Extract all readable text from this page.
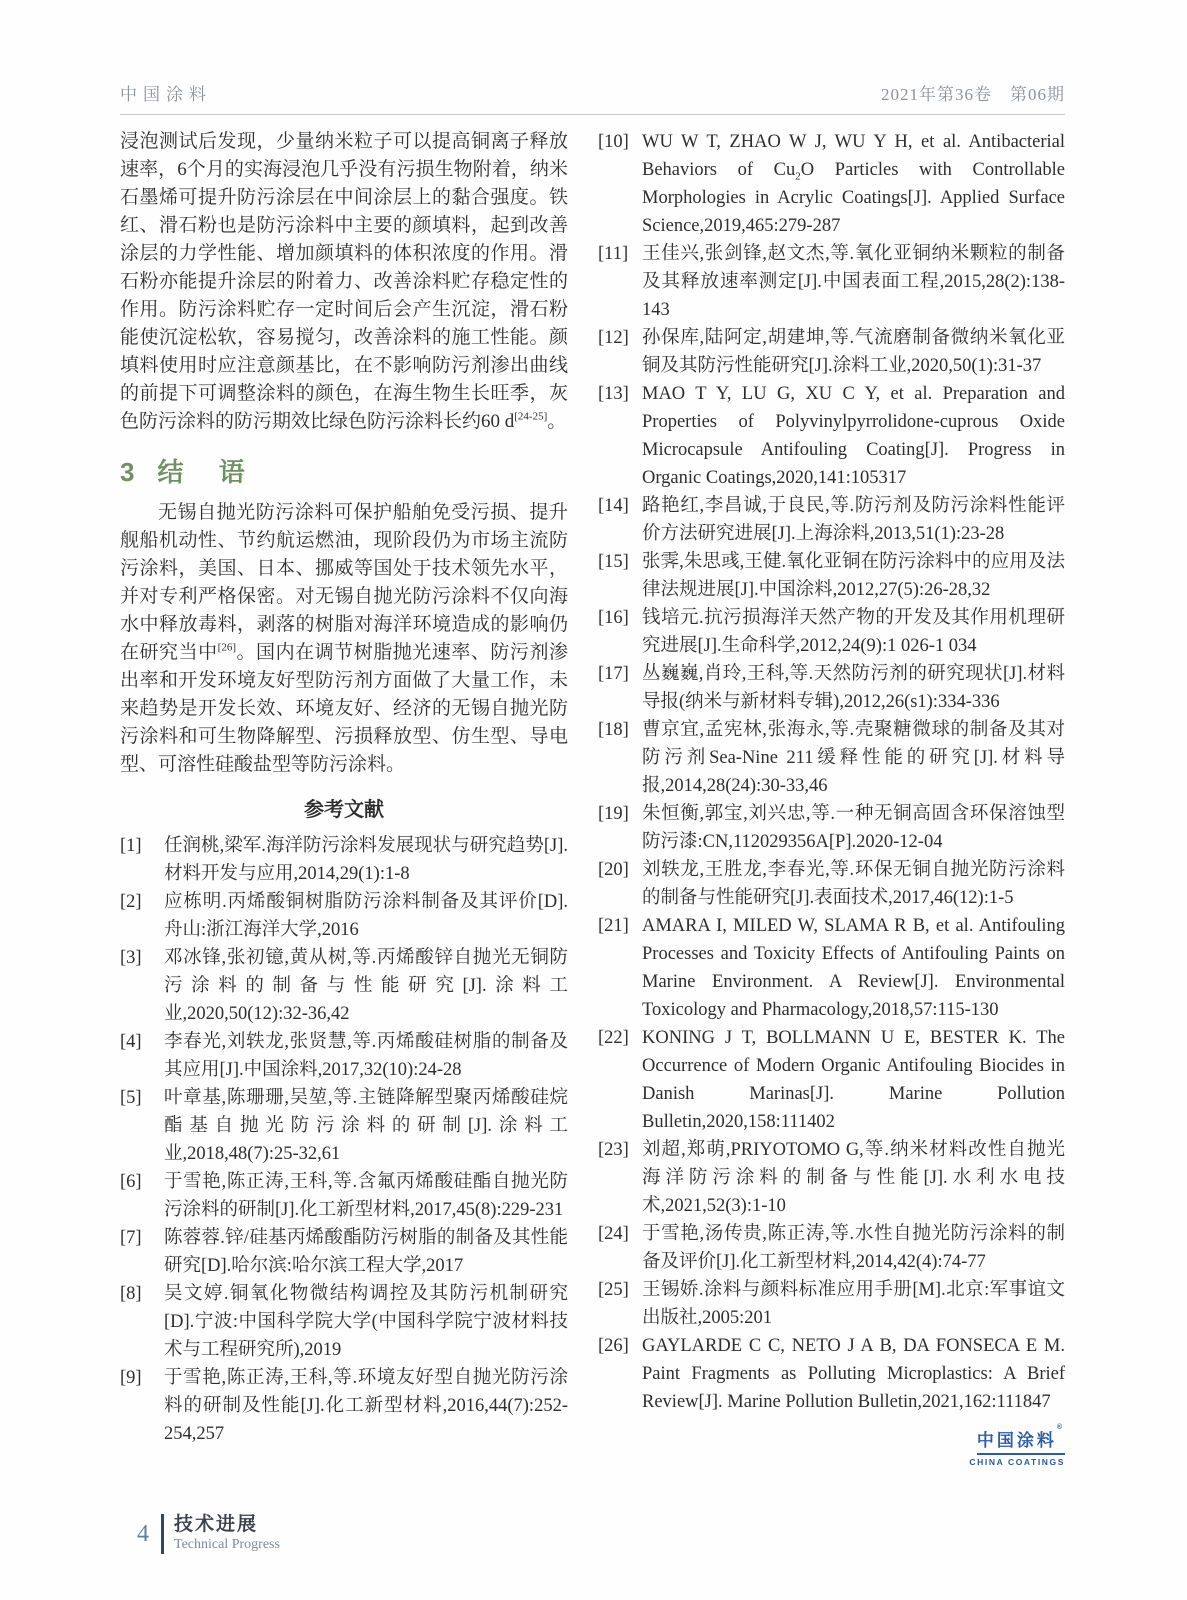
中国涂料	2021年第36卷　第06期

浸泡测试后发现，少量纳米粒子可以提高铜离子释放速率，6个月的实海浸泡几乎没有污损生物附着，纳米石墨烯可提升防污涂层在中间涂层上的黏合强度。铁红、滑石粉也是防污涂料中主要的颜填料，起到改善涂层的力学性能、增加颜填料的体积浓度的作用。滑石粉亦能提升涂层的附着力、改善涂料贮存稳定性的作用。防污涂料贮存一定时间后会产生沉淀，滑石粉能使沉淀松软，容易搅匀，改善涂料的施工性能。颜填料使用时应注意颜基比，在不影响防污剂渗出曲线的前提下可调整涂料的颜色，在海生物生长旺季，灰色防污涂料的防污期效比绿色防污涂料长约60 d[24-25]。

3 结 语

无锡自抛光防污涂料可保护船舶免受污损、提升舰船机动性、节约航运燃油，现阶段仍为市场主流防污涂料，美国、日本、挪威等国处于技术领先水平，并对专利严格保密。对无锡自抛光防污涂料不仅向海水中释放毒料，剥落的树脂对海洋环境造成的影响仍在研究当中[26]。国内在调节树脂抛光速率、防污剂渗出率和开发环境友好型防污剂方面做了大量工作，未来趋势是开发长效、环境友好、经济的无锡自抛光防污涂料和可生物降解型、污损释放型、仿生型、导电型、可溶性硅酸盐型等防污涂料。

参考文献
[1] 任润桃,梁军.海洋防污涂料发展现状与研究趋势[J].材料开发与应用,2014,29(1):1-8
[2] 应栋明.丙烯酸铜树脂防污涂料制备及其评价[D].舟山:浙江海洋大学,2016
[3] 邓冰锋,张初镱,黄从树,等.丙烯酸锌自抛光无铜防污涂料的制备与性能研究[J].涂料工业,2020,50(12):32-36,42
[4] 李春光,刘轶龙,张贤慧,等.丙烯酸硅树脂的制备及其应用[J].中国涂料,2017,32(10):24-28
[5] 叶章基,陈珊珊,吴堃,等.主链降解型聚丙烯酸硅烷酯基自抛光防污涂料的研制[J].涂料工业,2018,48(7):25-32,61
[6] 于雪艳,陈正涛,王科,等.含氟丙烯酸硅酯自抛光防污涂料的研制[J].化工新型材料,2017,45(8):229-231
[7] 陈蓉蓉.锌/硅基丙烯酸酯防污树脂的制备及其性能研究[D].哈尔滨:哈尔滨工程大学,2017
[8] 吴文婷.铜氧化物微结构调控及其防污机制研究[D].宁波:中国科学院大学(中国科学院宁波材料技术与工程研究所),2019
[9] 于雪艳,陈正涛,王科,等.环境友好型自抛光防污涂料的研制及性能[J].化工新型材料,2016,44(7):252-254,257
[10] WU W T, ZHAO W J, WU Y H, et al. Antibacterial Behaviors of $Cu_2O$ Particles with Controllable Morphologies in Acrylic Coatings[J]. Applied Surface Science,2019,465:279-287
[11] 王佳兴,张剑锋,赵文杰,等.氧化亚铜纳米颗粒的制备及其释放速率测定[J].中国表面工程,2015,28(2):138-143
[12] 孙保库,陆阿定,胡建坤,等.气流磨制备微纳米氧化亚铜及其防污性能研究[J].涂料工业,2020,50(1):31-37
[13] MAO T Y, LU G, XU C Y, et al. Preparation and Properties of Polyvinylpyrrolidone-cuprous Oxide Microcapsule Antifouling Coating[J]. Progress in Organic Coatings,2020,141:105317
[14] 路艳红,李昌诚,于良民,等.防污剂及防污涂料性能评价方法研究进展[J].上海涂料,2013,51(1):23-28
[15] 张霁,朱思彧,王健.氧化亚铜在防污涂料中的应用及法律法规进展[J].中国涂料,2012,27(5):26-28,32
[16] 钱培元.抗污损海洋天然产物的开发及其作用机理研究进展[J].生命科学,2012,24(9):1 026-1 034
[17] 丛巍巍,肖玲,王科,等.天然防污剂的研究现状[J].材料导报(纳米与新材料专辑),2012,26(s1):334-336
[18] 曹京宜,孟宪林,张海永,等.壳聚糖微球的制备及其对防污剂Sea-Nine 211缓释性能的研究[J].材料导报,2014,28(24):30-33,46
[19] 朱恒衡,郭宝,刘兴忠,等.一种无铜高固含环保溶蚀型防污漆:CN,112029356A[P].2020-12-04
[20] 刘轶龙,王胜龙,李春光,等.环保无铜自抛光防污涂料的制备与性能研究[J].表面技术,2017,46(12):1-5
[21] AMARA I, MILED W, SLAMA R B, et al. Antifouling Processes and Toxicity Effects of Antifouling Paints on Marine Environment. A Review[J]. Environmental Toxicology and Pharmacology,2018,57:115-130
[22] KONING J T, BOLLMANN U E, BESTER K. The Occurrence of Modern Organic Antifouling Biocides in Danish Marinas[J]. Marine Pollution Bulletin,2020,158:111402
[23] 刘超,郑萌,PRIYOTOMO G,等.纳米材料改性自抛光海洋防污涂料的制备与性能[J].水利水电技术,2021,52(3):1-10
[24] 于雪艳,汤传贵,陈正涛,等.水性自抛光防污涂料的制备及评价[J].化工新型材料,2014,42(4):74-77
[25] 王锡娇.涂料与颜料标准应用手册[M].北京:军事谊文出版社,2005:201
[26] GAYLARDE C C, NETO J A B, DA FONSECA E M. Paint Fragments as Polluting Microplastics: A Brief Review[J]. Marine Pollution Bulletin,2021,162:111847
中国涂料®
CHINA COATINGS
4 技术进展
Technical Progress
